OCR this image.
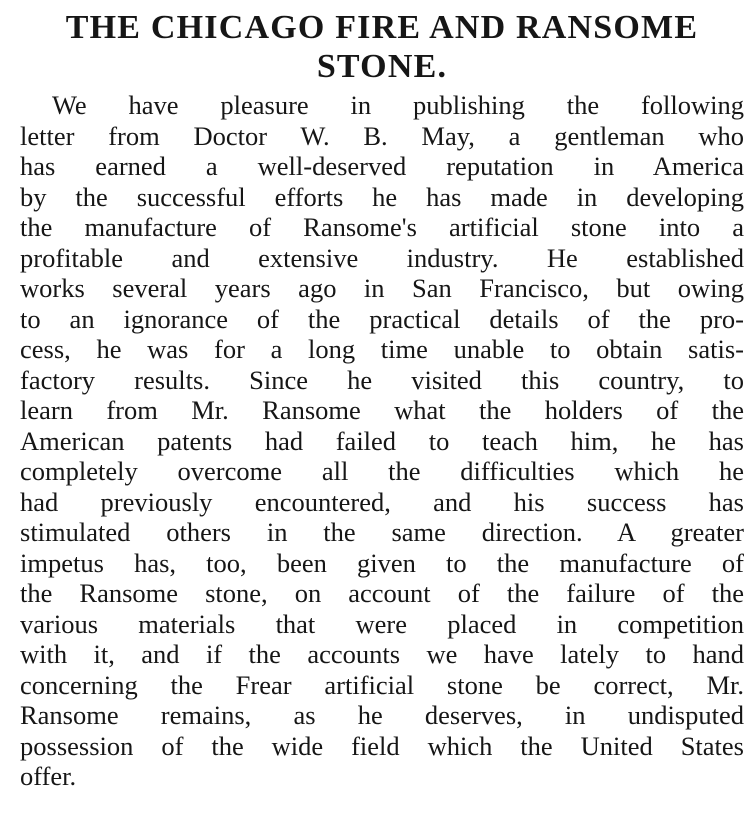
THE CHICAGO FIRE AND RANSOME
STONE.
We have pleasure in publishing the following
letter from Doctor W. B. May, a gentleman who
has earned a well-deserved reputation in America
by the successful efforts he has made in developing
the manufacture of Ransome's artificial stone into a
profitable and extensive industry. He established
works several years ago in San Francisco, but owing
to an ignorance of the practical details of the pro-
cess, he was for a long time unable to obtain satis-
factory results. Since he visited this country, to
learn from Mr. Ransome what the holders of the
American patents had failed to teach him, he has
completely overcome all the difficulties which he
had previously encountered, and his success has
stimulated others in the same direction. A greater
impetus has, too, been given to the manufacture of
the Ransome stone, on account of the failure of the
various materials that were placed in competition
with it, and if the accounts we have lately to hand
concerning the Frear artificial stone be correct, Mr.
Ransome remains, as he deserves, in undisputed
possession of the wide field which the United States
offer.
